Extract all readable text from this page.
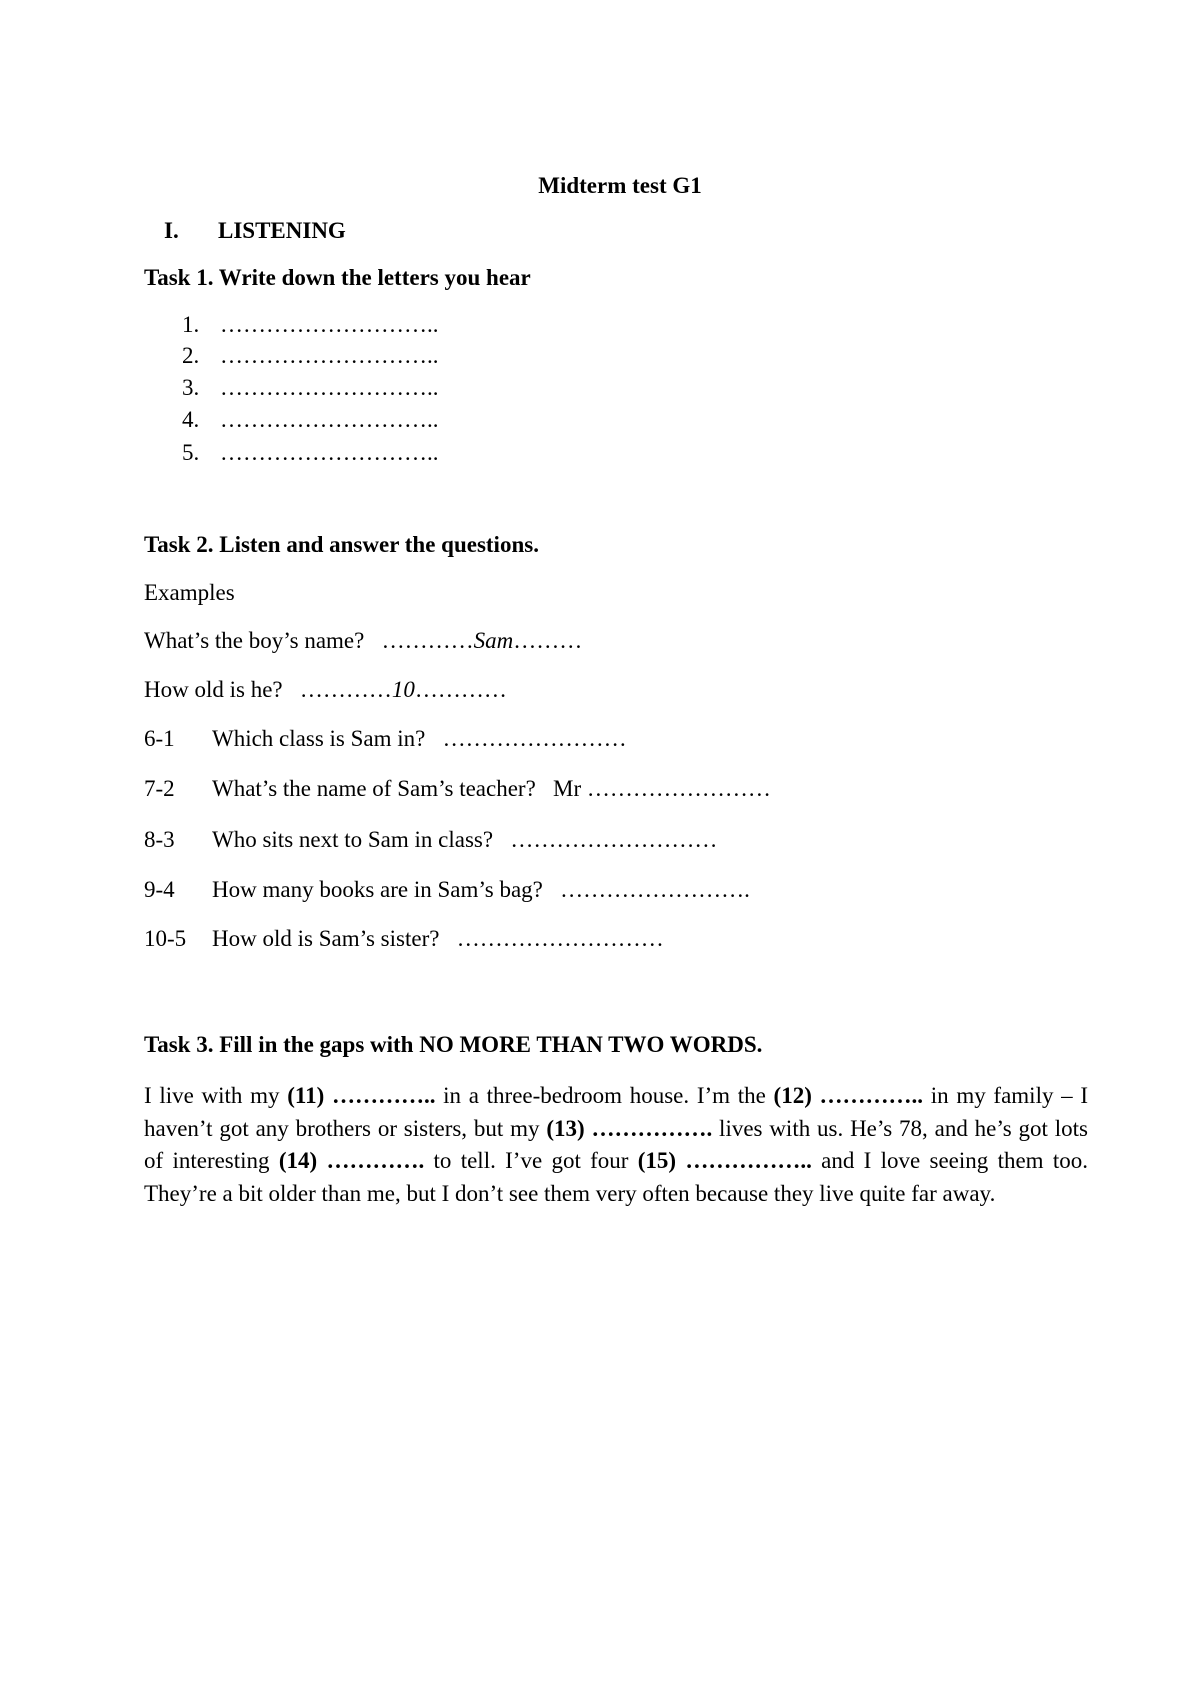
Midterm test G1
I. LISTENING
Task 1. Write down the letters you hear
1. ………………………..
2. ………………………..
3. ………………………..
4. ………………………..
5. ………………………..
Task 2. Listen and answer the questions.
Examples
What’s the boy’s name? …………Sam………
How old is he? …………10…………
6-1 Which class is Sam in? ……………………
7-2 What’s the name of Sam’s teacher? Mr ……………………
8-3 Who sits next to Sam in class? ………………………
9-4 How many books are in Sam’s bag? …………………….
10-5 How old is Sam’s sister? ………………………
Task 3. Fill in the gaps with NO MORE THAN TWO WORDS.

I live with my (11) ………….. in a three-bedroom house. I’m the (12) ………….. in my family – I haven’t got any brothers or sisters, but my (13) ……………. lives with us. He’s 78, and he’s got lots of interesting (14) …………. to tell. I’ve got four (15) …………….. and I love seeing them too. They’re a bit older than me, but I don’t see them very often because they live quite far away.
